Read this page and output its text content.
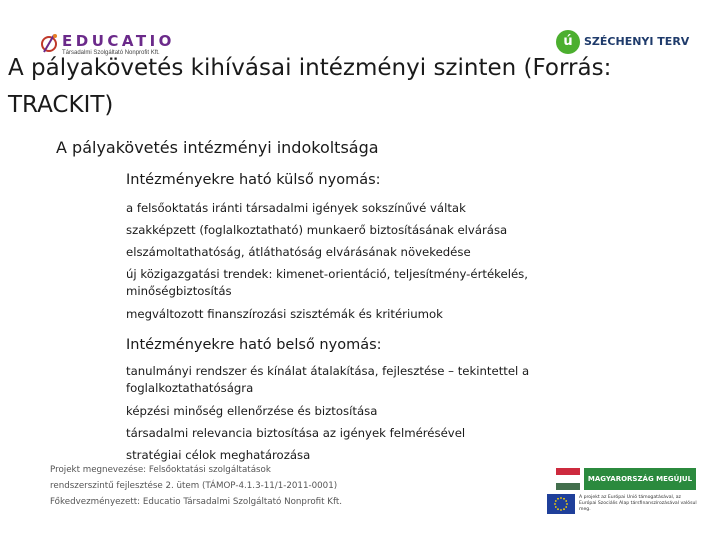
EDUCATIO
Társadalmi Szolgáltató Nonprofit Kft.
ú	SZÉCHENYI TERV
A pályakövetés kihívásai intézményi szinten (Forrás: TRACKIT)
A pályakövetés intézményi indokoltsága
Intézményekre ható külső nyomás:
a felsőoktatás iránti társadalmi igények sokszínűvé váltak
szakképzett (foglalkoztatható) munkaerő biztosításának elvárása
elszámoltathatóság, átláthatóság elvárásának növekedése
új közigazgatási trendek: kimenet-orientáció, teljesítmény-értékelés, minőségbiztosítás
megváltozott finanszírozási szisztémák és kritériumok
Intézményekre ható belső nyomás:
tanulmányi rendszer és kínálat átalakítása, fejlesztése – tekintettel a foglalkoztathatóságra
képzési minőség ellenőrzése és biztosítása
társadalmi relevancia biztosítása az igények felmérésével
stratégiai célok meghatározása
Projekt megnevezése: Felsőoktatási szolgáltatások
rendszerszintű fejlesztése 2. ütem (TÁMOP-4.1.3-11/1-2011-0001)
Főkedvezményezett: Educatio Társadalmi Szolgáltató Nonprofit Kft.
MAGYARORSZÁG MEGÚJUL
A projekt az Európai Unió támogatásával, az Európai Szociális Alap társfinanszírozásával valósul meg.
